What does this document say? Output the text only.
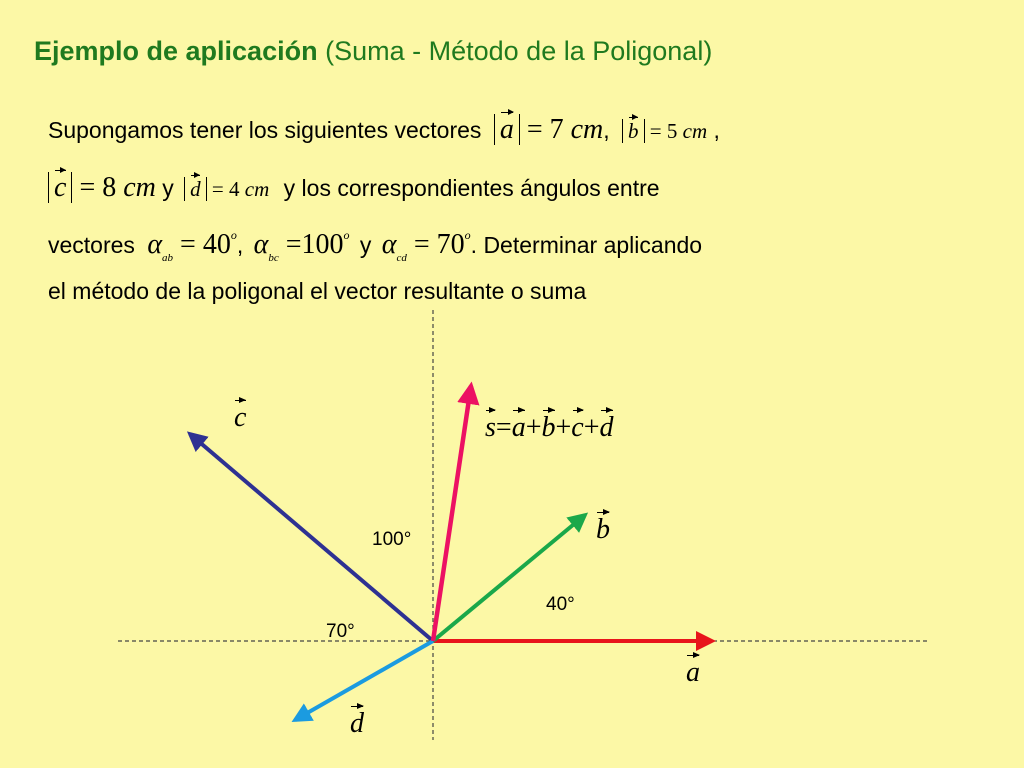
Ejemplo de aplicación (Suma - Método de la Poligonal)
Supongamos tener los siguientes vectores a = 7 cm, b = 5 cm ,
c = 8 cm y d = 4 cm y los correspondientes ángulos entre
vectores $\alpha_{ab} = 40^o$, $\alpha_{bc} =100^o$ y $\alpha_{cd} = 70^o$. Determinar aplicando
el método de la poligonal el vector resultante o suma
100°
40°
70°
c
b
a
d
s=a+b+c+d
